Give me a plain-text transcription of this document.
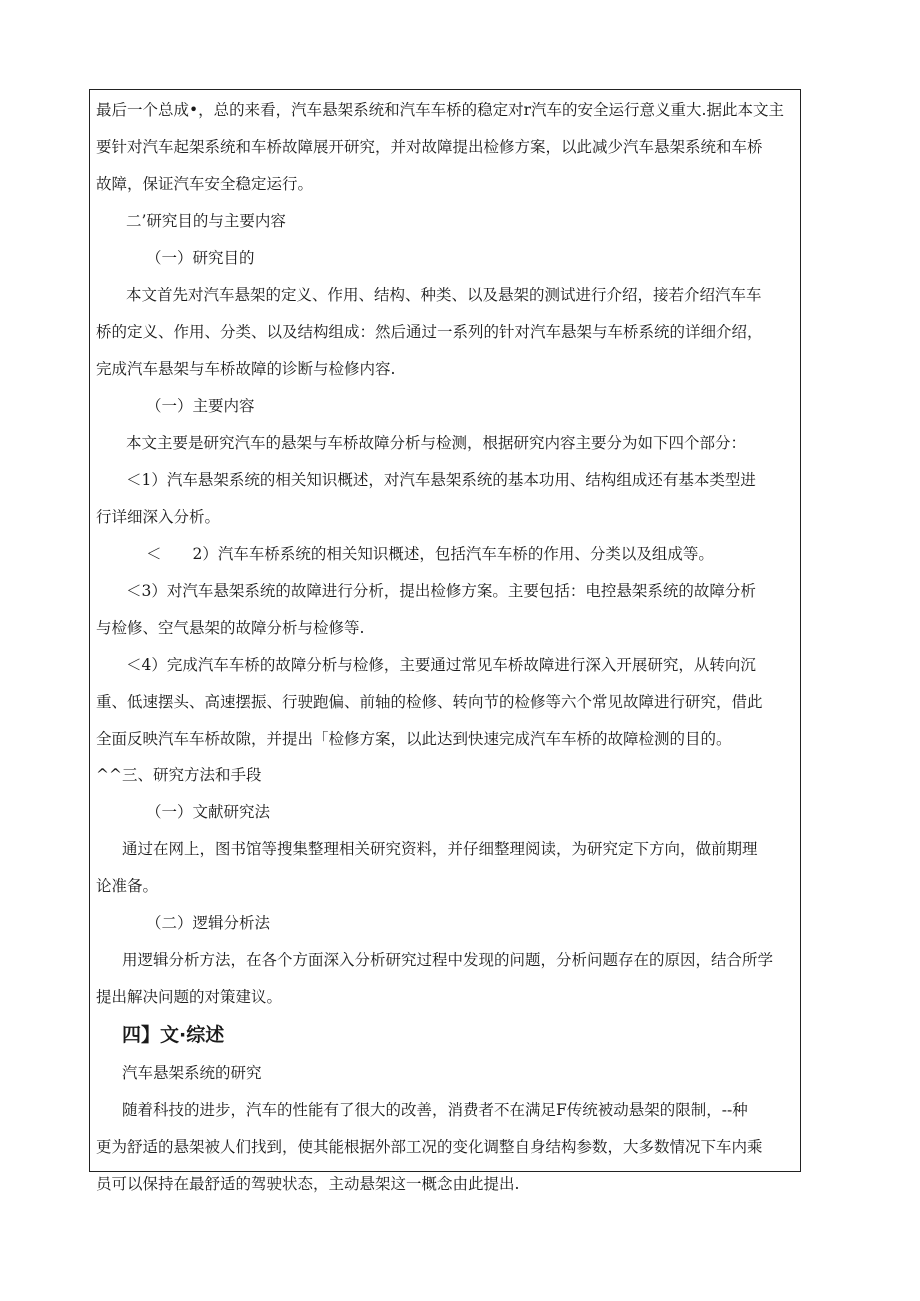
最后一个总成•，总的来看，汽车悬架系统和汽车车桥的稳定对r汽车的安全运行意义重大.据此本文主

要针对汽车起架系统和车桥故障展开研究，并对故障提出检修方案，以此减少汽车悬架系统和车桥

故障，保证汽车安全稳定运行。

二’研究目的与主要内容

（一）研究目的

本文首先对汽车悬架的定义、作用、结构、种类、以及悬架的测试进行介绍，接若介绍汽车车

桥的定义、作用、分类、以及结构组成：然后通过一系列的针对汽车悬架与车桥系统的详细介绍，

完成汽车悬架与车桥故障的诊断与检修内容.

（一）主要内容

本文主要是研究汽车的悬架与车桥故障分析与检测，根据研究内容主要分为如下四个部分：

＜1）汽车悬架系统的相关知识概述，对汽车悬架系统的基本功用、结构组成还有基本类型进

行详细深入分析。

＜　　2）汽车车桥系统的相关知识概述，包括汽车车桥的作用、分类以及组成等。

＜3）对汽车悬架系统的故障进行分析，提出检修方案。主要包括：电控悬架系统的故障分析

与检修、空气悬架的故障分析与检修等.

＜4）完成汽车车桥的故障分析与检修，主要通过常见车桥故障进行深入开展研究，从转向沉

重、低速摆头、高速摆振、行驶跑偏、前轴的检修、转向节的检修等六个常见故障进行研究，借此

全面反映汽车车桥故隙，并提出「检修方案，以此达到快速完成汽车车桥的故障检测的目的。

^^三、研究方法和手段

（一）文献研究法

通过在网上，图书馆等搜集整理相关研究资料，并仔细整理阅读，为研究定下方向，做前期理

论准备。

（二）逻辑分析法

用逻辑分析方法，在各个方面深入分析研究过程中发现的问题，分析问题存在的原因，结合所学

提出解决问题的对策建议。

四】文·综述

汽车悬架系统的研究

随着科技的进步，汽车的性能有了很大的改善，消费者不在满足F传统被动悬架的限制，--种

更为舒适的悬架被人们找到，使其能根据外部工况的变化调整自身结构参数，大多数情况下车内乘

员可以保持在最舒适的驾驶状态，主动悬架这一概念由此提出.
